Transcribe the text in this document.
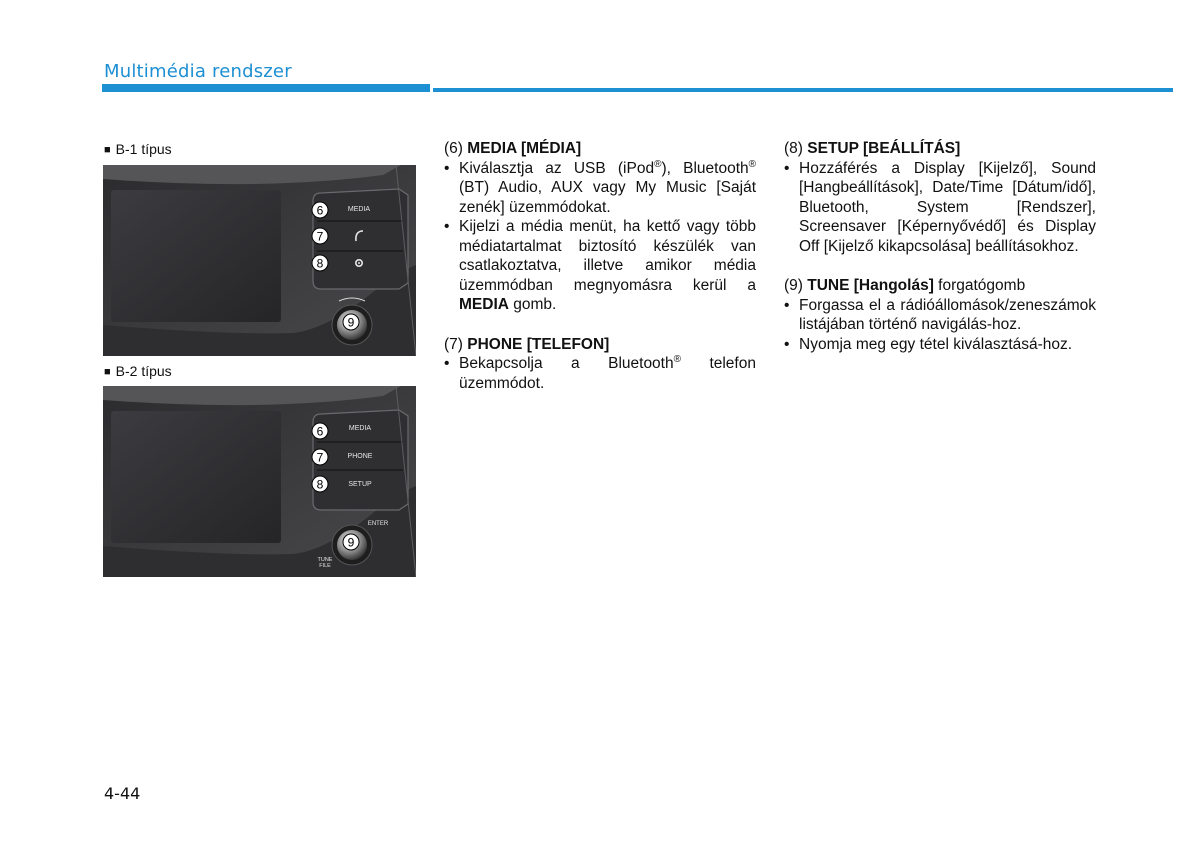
Multimédia rendszer
■ B-1 típus
MEDIA
6
7
8
9
■ B-2 típus
MEDIA
PHONE
SETUP
6
7
8
ENTER
TUNE
FILE
9

(6) MEDIA [MÉDIA]

• Kiválasztja az USB (iPod®), Bluetooth® (BT) Audio, AUX vagy My Music [Saját zenék] üzemmódokat.
• Kijelzi a média menüt, ha kettő vagy több médiatartalmat biztosító készülék van csatlakoztatva, illetve amikor média üzemmódban megnyomásra kerül a MEDIA gomb.

(7) PHONE [TELEFON]

• Bekapcsolja a Bluetooth® telefon üzemmódot.

(8) SETUP [BEÁLLÍTÁS]

• Hozzáférés a Display [Kijelző], Sound [Hangbeállítások], Date/Time [Dátum/idő], Bluetooth, System [Rendszer], Screensaver [Képernyővédő] és Display Off [Kijelző kikapcsolása] beállításokhoz.

(9) TUNE [Hangolás] forgatógomb

• Forgassa el a rádióállomások/zeneszámok listájában történő navigálás-hoz.
• Nyomja meg egy tétel kiválasztásá-hoz.
4-44
